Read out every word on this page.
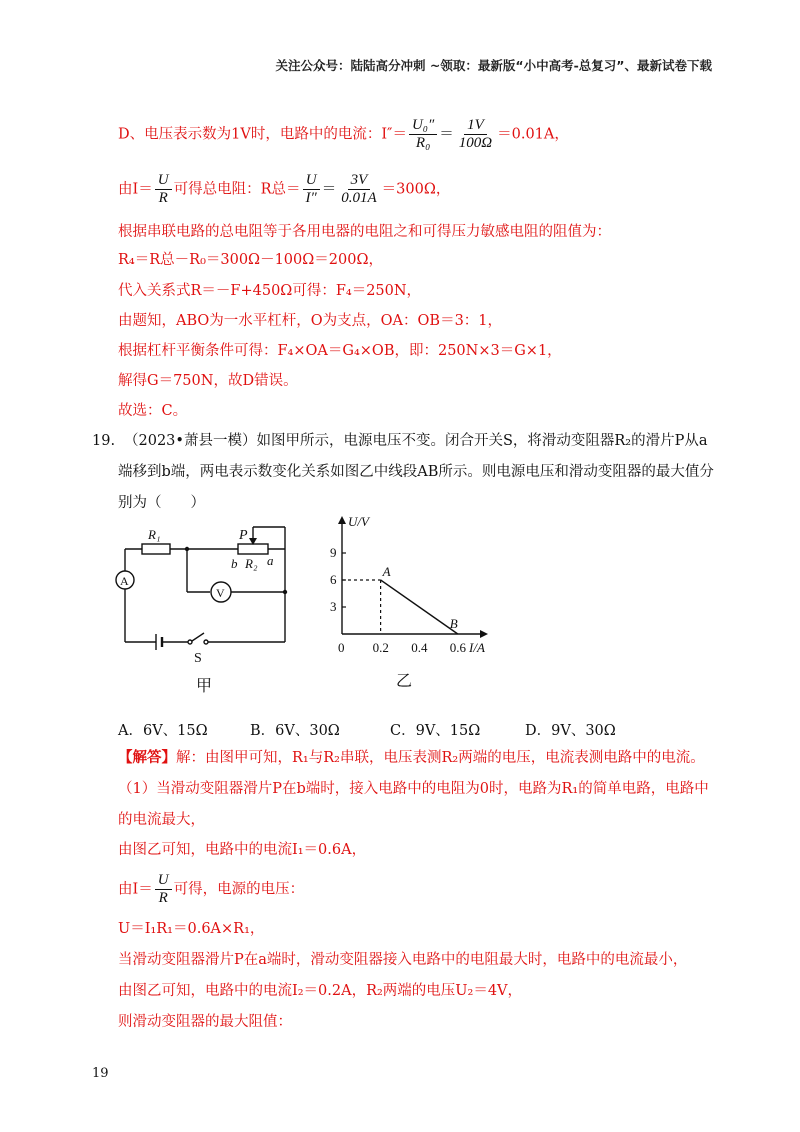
关注公众号：陆陆高分冲刺 ~领取：最新版“小中高考-总复习”、最新试卷下载
D、电压表示数为1V时，电路中的电流：$I''= \frac{\text{U₀″}}{\text{R₀}} = \frac{1V}{100\Omega} =0.01A$，
由$I= \frac{U}{R}$ 可得总电阻：R总＝ $\frac{U}{I''} = \frac{3V}{0.01A} =300\Omega$，
根据串联电路的总电阻等于各用电器的电阻之和可得压力敏感电阻的阻值为：
R₄＝R总－R₀＝300Ω－100Ω＝200Ω，
代入关系式R＝－F+450Ω可得：F₄＝250N，
由题知，ABO为一水平杠杆，O为支点，OA：OB＝3：1，
根据杠杆平衡条件可得：F₄×OA＝G₄×OB，即：250N×3＝G×1，
解得G＝750N，故D错误。
故选：C。
19. （2023•萧县一模）如图甲所示，电源电压不变。闭合开关S，将滑动变阻器R₂的滑片P从a
端移到b端，两电表示数变化关系如图乙中线段AB所示。则电源电压和滑动变阻器的最大值分
别为（　　）
R₁	P
b R₂ a
A
V
S
甲
U/V
I/A
乙
0 0.2 0.4 0.6
3
6
9
A
B
A．6V、15Ω	B．6V、30Ω	C．9V、15Ω	D．9V、30Ω
【解答】解：由图甲可知，R₁与R₂串联，电压表测R₂两端的电压，电流表测电路中的电流。
（1）当滑动变阻器滑片P在b端时，接入电路中的电阻为0时，电路为R₁的简单电路，电路中
的电流最大，
由图乙可知，电路中的电流I₁＝0.6A，
由$I= \frac{U}{R}$ 可得，电源的电压：
U＝I₁R₁＝0.6A×R₁，
当滑动变阻器滑片P在a端时，滑动变阻器接入电路中的电阻最大时，电路中的电流最小，
由图乙可知，电路中的电流I₂＝0.2A，R₂两端的电压U₂＝4V，
则滑动变阻器的最大阻值：
19
